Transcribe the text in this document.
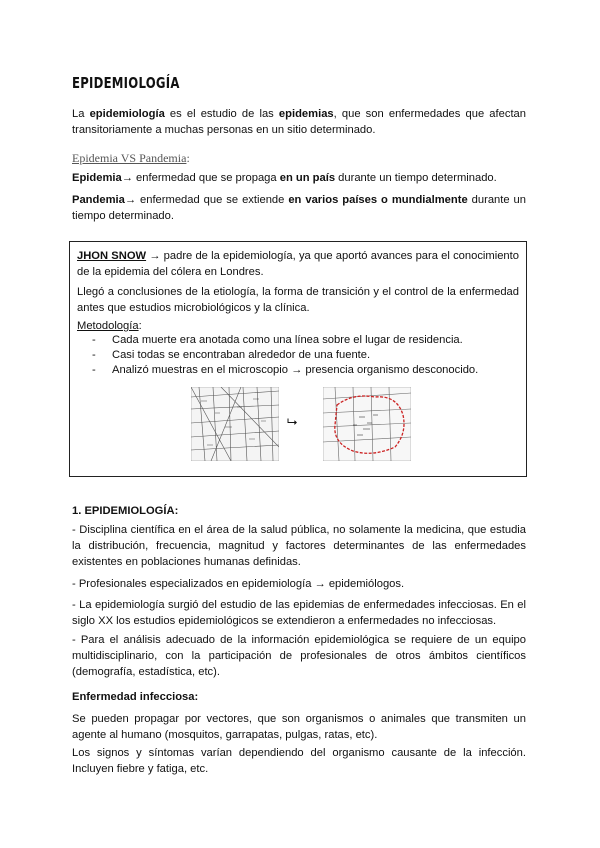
EPIDEMIOLOGÍA

La epidemiología es el estudio de las epidemias, que son enfermedades que afectan transitoriamente a muchas personas en un sitio determinado.

Epidemia VS Pandemia:

Epidemia→ enfermedad que se propaga en un país durante un tiempo determinado.

Pandemia→ enfermedad que se extiende en varios países o mundialmente durante un tiempo determinado.

JHON SNOW → padre de la epidemiología, ya que aportó avances para el conocimiento de la epidemia del cólera en Londres.

Llegó a conclusiones de la etiología, la forma de transición y el control de la enfermedad antes que estudios microbiológicos y la clínica.

Metodología:

-	Cada muerte era anotada como una línea sobre el lugar de residencia.
-	Casi todas se encontraban alrededor de una fuente.
-	Analizó muestras en el microscopio → presencia organismo desconocido.
⮡
1. EPIDEMIOLOGÍA:

- Disciplina científica en el área de la salud pública, no solamente la medicina, que estudia la distribución, frecuencia, magnitud y factores determinantes de las enfermedades existentes en poblaciones humanas definidas.

- Profesionales especializados en epidemiología → epidemiólogos.

- La epidemiología surgió del estudio de las epidemias de enfermedades infecciosas. En el siglo XX los estudios epidemiológicos se extendieron a enfermedades no infecciosas.

- Para el análisis adecuado de la información epidemiológica se requiere de un equipo multidisciplinario, con la participación de profesionales de otros ámbitos científicos (demografía, estadística, etc).

Enfermedad infecciosa:

Se pueden propagar por vectores, que son organismos o animales que transmiten un agente al humano (mosquitos, garrapatas, pulgas, ratas, etc).

Los signos y síntomas varían dependiendo del organismo causante de la infección. Incluyen fiebre y fatiga, etc.
